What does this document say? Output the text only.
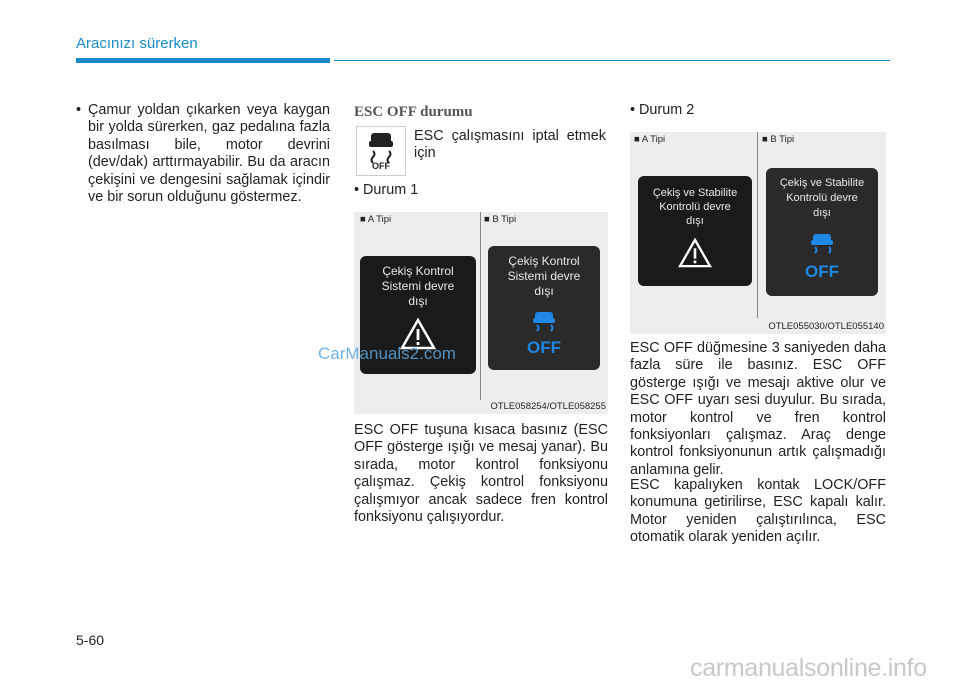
Aracınızı sürerken
• Çamur yoldan çıkarken veya kaygan bir yolda sürerken, gaz pedalına fazla basılması bile, motor devrini (dev/dak) arttırmayabilir. Bu da aracın çekişini ve dengesini sağlamak içindir ve bir sorun olduğunu göstermez.
ESC OFF durumu
OFF
ESC çalışmasını iptal etmek için
• Durum 1
■ A Tipi	■ B Tipi
Çekiş Kontrol
Sistemi devre
dışı
Çekiş Kontrol
Sistemi devre
dışı
OFF
OTLE058254/OTLE058255
ESC OFF tuşuna kısaca basınız (ESC OFF gösterge ışığı ve mesaj yanar). Bu sırada, motor kontrol fonksiyonu çalışmaz. Çekiş kontrol fonksiyonu çalışmıyor ancak sadece fren kontrol fonksiyonu çalışıyordur.
• Durum 2
■ A Tipi	■ B Tipi
Çekiş ve Stabilite
Kontrolü devre
dışı
Çekiş ve Stabilite
Kontrolü devre
dışı
OFF
OTLE055030/OTLE055140
ESC OFF düğmesine 3 saniyeden daha fazla süre ile basınız. ESC OFF gösterge ışığı ve mesajı aktive olur ve ESC OFF uyarı sesi duyulur. Bu sırada, motor kontrol ve fren kontrol fonksiyonları çalışmaz. Araç denge kontrol fonksiyonunun artık çalışmadığı anlamına gelir.
ESC kapalıyken kontak LOCK/OFF konumuna getirilirse, ESC kapalı kalır. Motor yeniden çalıştırılınca, ESC otomatik olarak yeniden açılır.
CarManuals2.com
5-60
carmanualsonline.info
